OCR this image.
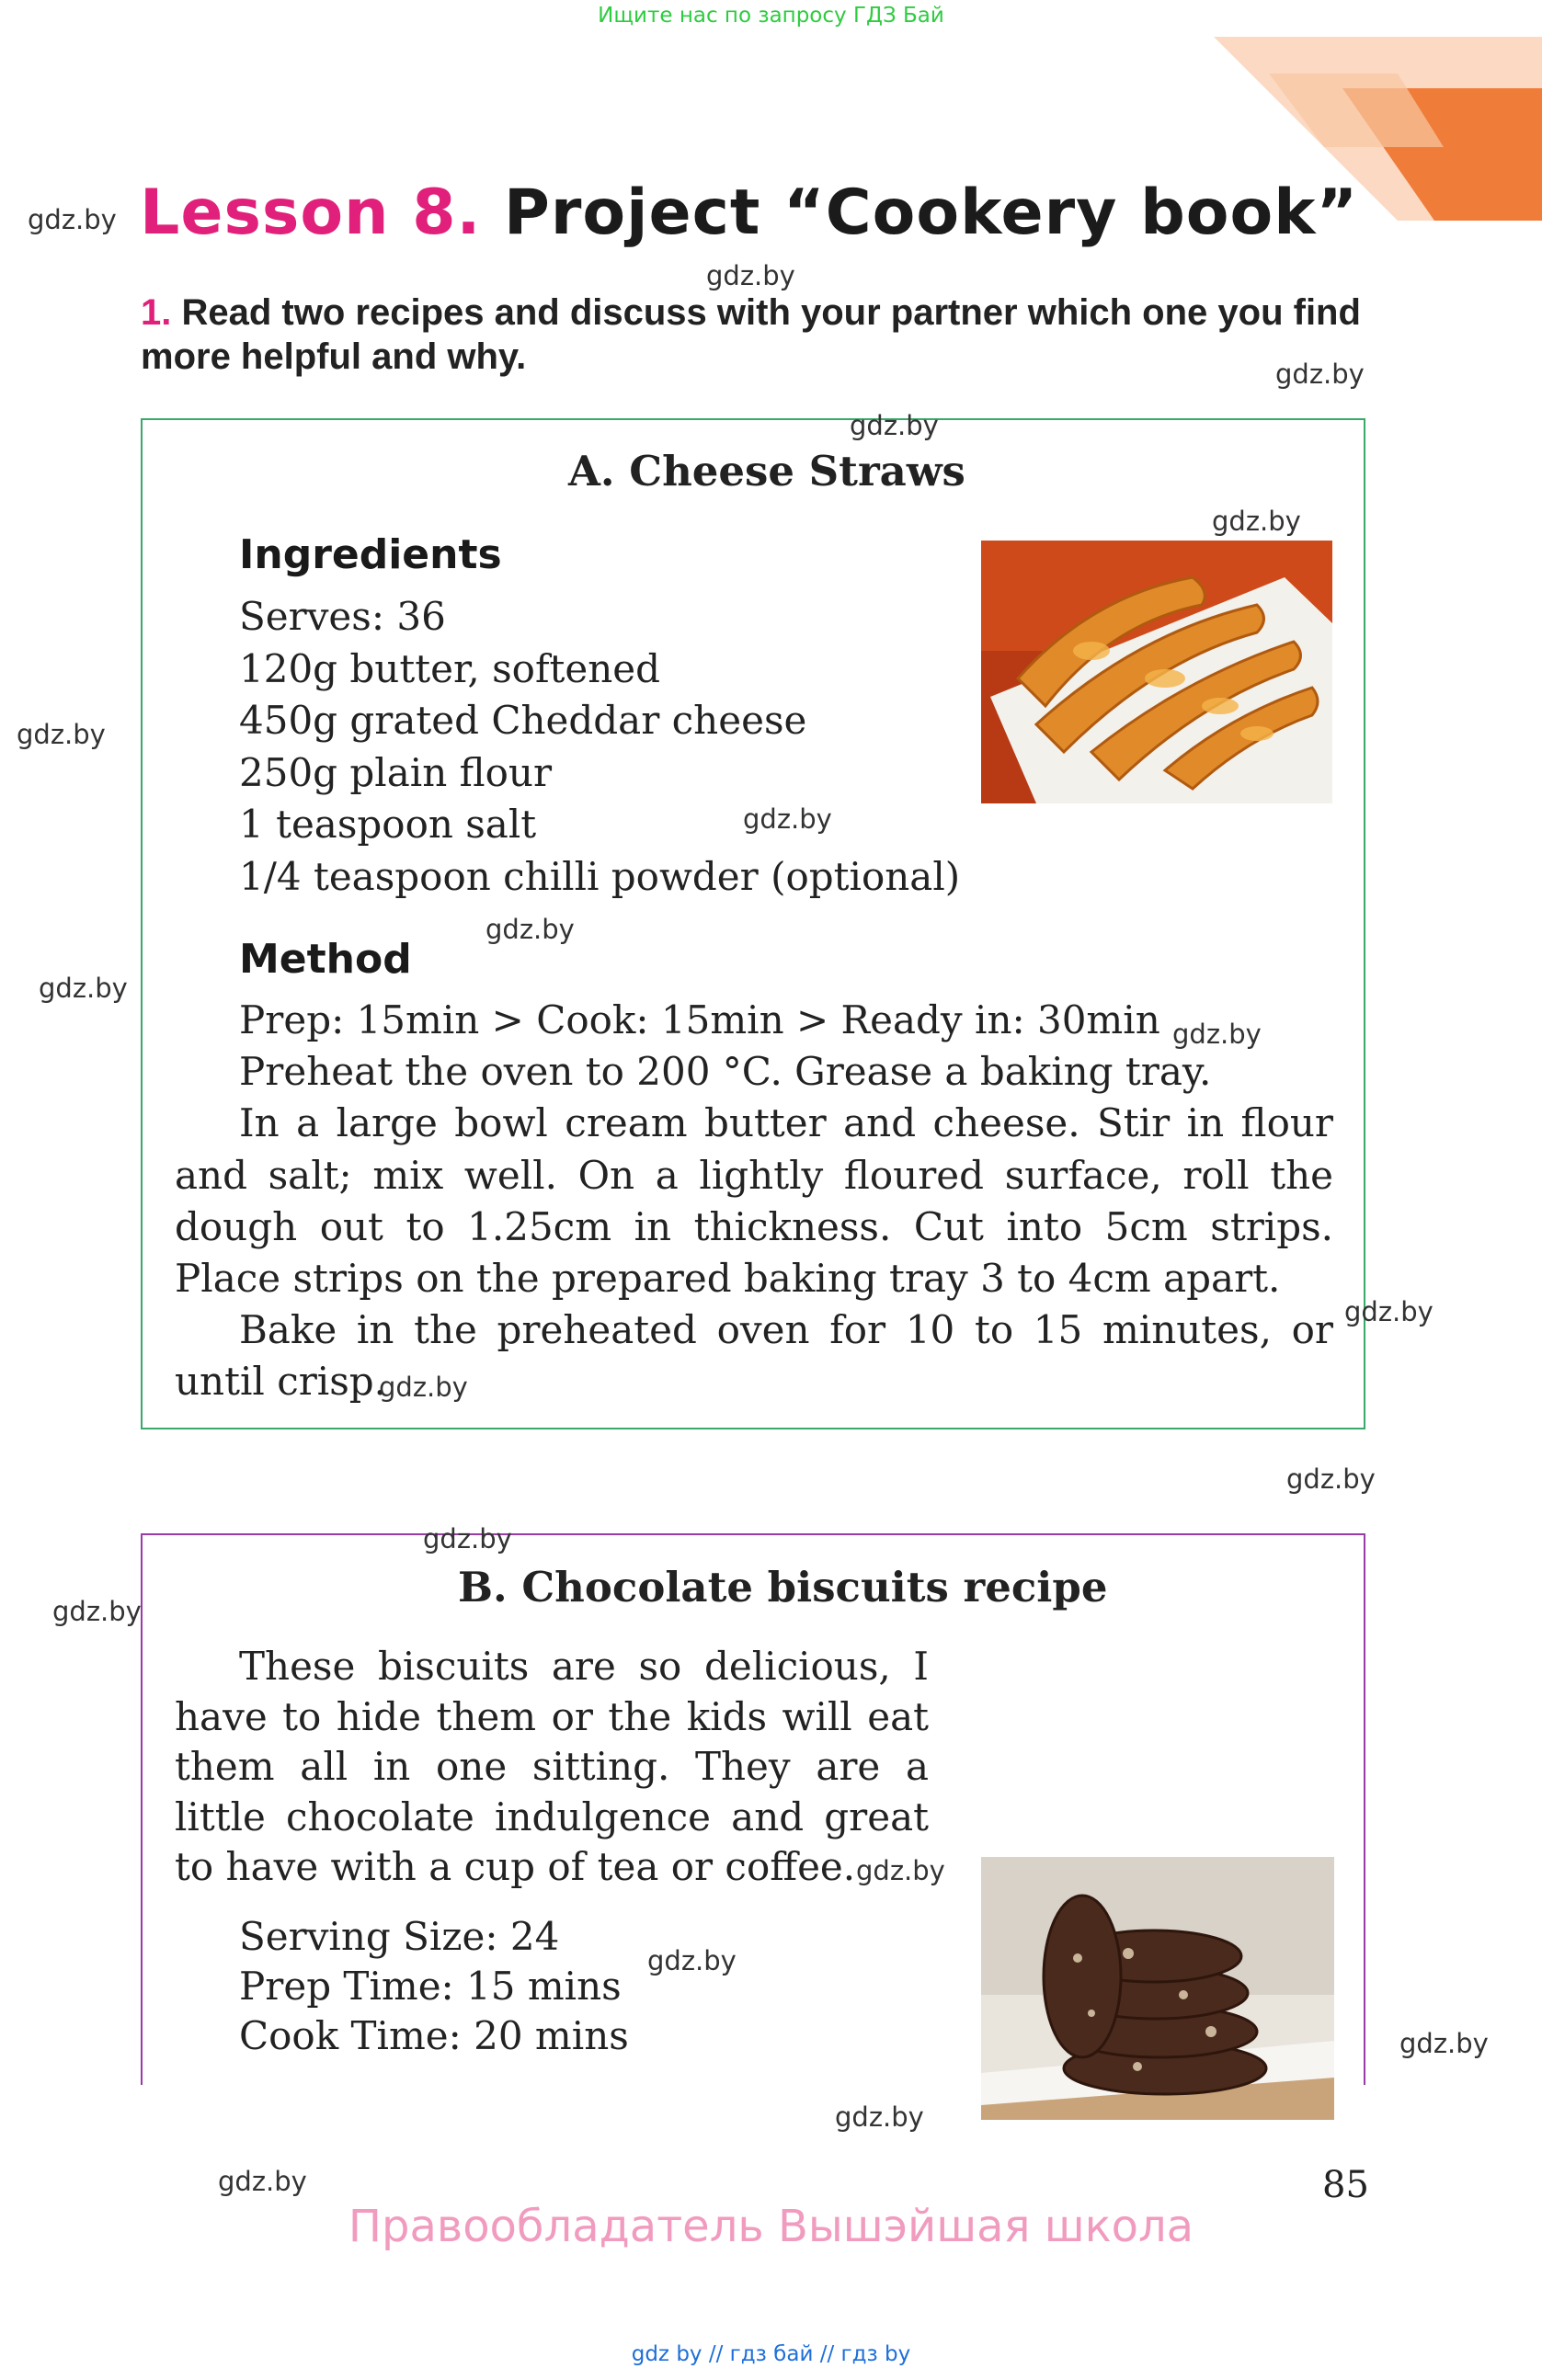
Ищите нас по запросу ГДЗ Бай
Lesson 8. Project “Cookery book”
1. Read two recipes and discuss with your partner which one you find more helpful and why.
A. Cheese Straws
Ingredients
Serves: 36
120g butter, softened
450g grated Cheddar cheese
250g plain flour
1 teaspoon salt
1/4 teaspoon chilli powder (optional)
Method

Prep: 15min > Cook: 15min > Ready in: 30min

Preheat the oven to 200 °C. Grease a baking tray.

In a large bowl cream butter and cheese. Stir in flour and salt; mix well. On a lightly floured surface, roll the dough out to 1.25cm in thickness. Cut into 5cm strips. Place strips on the prepared baking tray 3 to 4cm apart.

Bake in the preheated oven for 10 to 15 minutes, or until crisp.

B. Chocolate biscuits recipe

These biscuits are so delicious, I have to hide them or the kids will eat them all in one sitting. They are a little chocolate indulgence and great to have with a cup of tea or coffee.

Serving Size: 24
Prep Time: 15 mins
Cook Time: 20 mins
85
Правообладатель Вышэйшая школа
gdz by // гдз бай // гдз by
gdz.by
gdz.by
gdz.by
gdz.by
gdz.by
gdz.by
gdz.by
gdz.by
gdz.by
gdz.by
gdz.by
gdz.by
gdz.by
gdz.by
gdz.by
gdz.by
gdz.by
gdz.by
gdz.by
gdz.by
